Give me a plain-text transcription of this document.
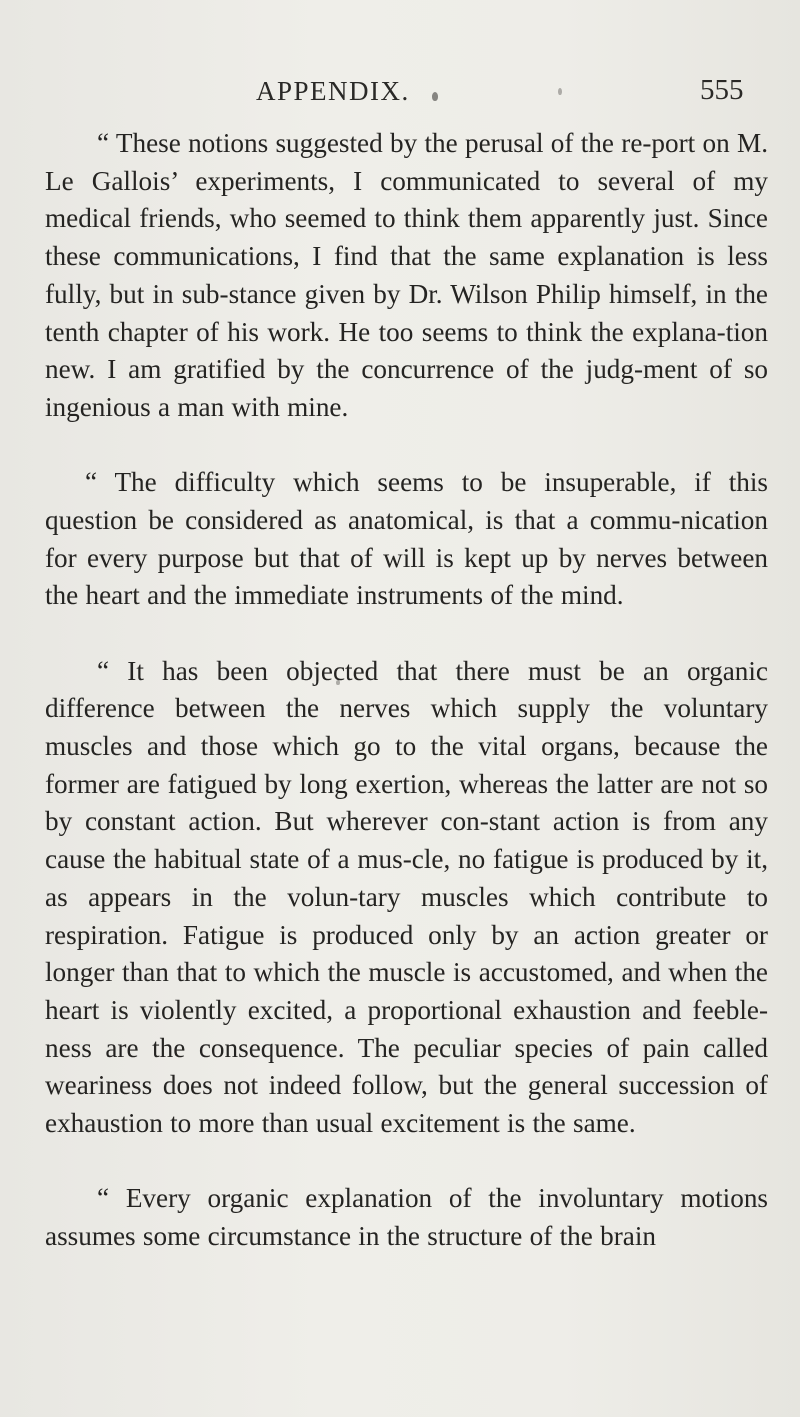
APPENDIX.	555

“ These notions suggested by the perusal of the re-port on M. Le Gallois’ experiments, I communicated to several of my medical friends, who seemed to think them apparently just. Since these communications, I find that the same explanation is less fully, but in sub-stance given by Dr. Wilson Philip himself, in the tenth chapter of his work. He too seems to think the explana-tion new. I am gratified by the concurrence of the judg-ment of so ingenious a man with mine.

“ The difficulty which seems to be insuperable, if this question be considered as anatomical, is that a commu-nication for every purpose but that of will is kept up by nerves between the heart and the immediate instruments of the mind.

“ It has been objected that there must be an organic difference between the nerves which supply the voluntary muscles and those which go to the vital organs, because the former are fatigued by long exertion, whereas the latter are not so by constant action. But wherever con-stant action is from any cause the habitual state of a mus-cle, no fatigue is produced by it, as appears in the volun-tary muscles which contribute to respiration. Fatigue is produced only by an action greater or longer than that to which the muscle is accustomed, and when the heart is violently excited, a proportional exhaustion and feeble-ness are the consequence. The peculiar species of pain called weariness does not indeed follow, but the general succession of exhaustion to more than usual excitement is the same.

“ Every organic explanation of the involuntary motions assumes some circumstance in the structure of the brain
